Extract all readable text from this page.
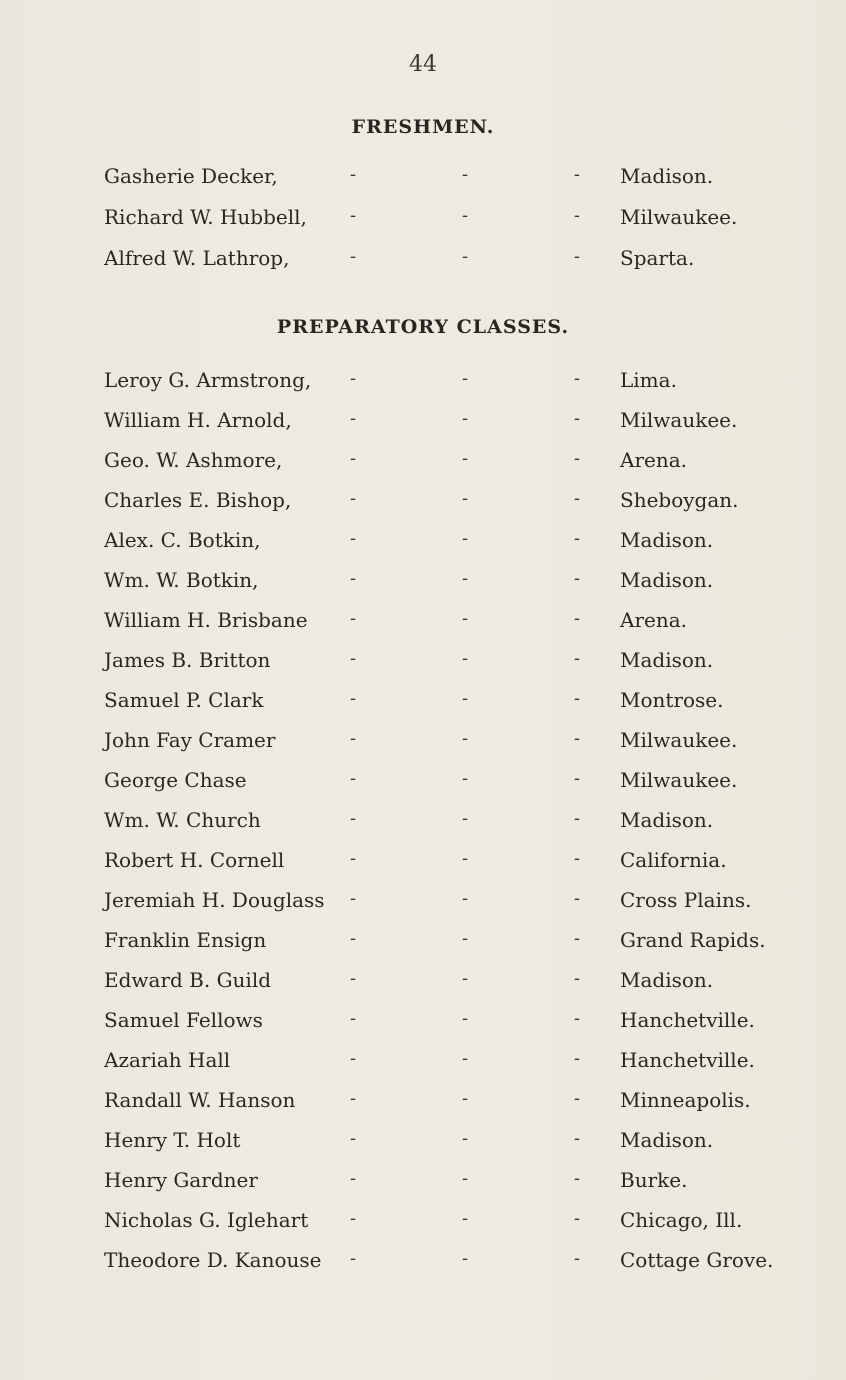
44
FRESHMEN.
Gasherie Decker,	-	-	- Madison.
Richard W. Hubbell, -	-	- Milwaukee.
Alfred W. Lathrop,	-	-	- Sparta.
PREPARATORY CLASSES.
Leroy G. Armstrong, -	-	- Lima.
William H. Arnold,	-	-	- Milwaukee.
Geo. W. Ashmore,	-	-	- Arena.
Charles E. Bishop,	-	-	- Sheboygan.
Alex. C. Botkin,	-	-	- Madison.
Wm. W. Botkin,	-	-	- Madison.
William H. Brisbane -	-	- Arena.
James B. Britton	-	-	- Madison.
Samuel P. Clark	-	-	- Montrose.
John Fay Cramer	-	-	- Milwaukee.
George Chase	-	-	- Milwaukee.
Wm. W. Church	-	-	- Madison.
Robert H. Cornell	-	-	- California.
Jeremiah H. Douglass -	-	- Cross Plains.
Franklin Ensign	-	-	- Grand Rapids.
Edward B. Guild	-	-	- Madison.
Samuel Fellows	-	-	- Hanchetville.
Azariah Hall	-	-	- Hanchetville.
Randall W. Hanson	-	-	- Minneapolis.
Henry T. Holt	-	-	- Madison.
Henry Gardner	-	-	- Burke.
Nicholas G. Iglehart -	-	- Chicago, Ill.
Theodore D. Kanouse -	-	- Cottage Grove.
